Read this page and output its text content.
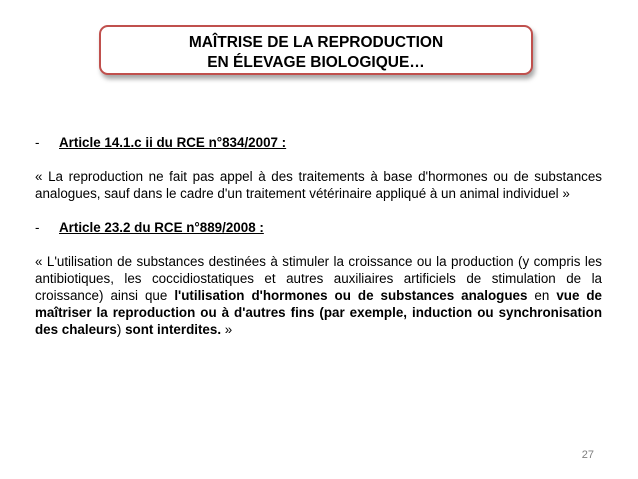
MAÎTRISE DE LA REPRODUCTION
EN ÉLEVAGE BIOLOGIQUE…
- Article 14.1.c ii du RCE n°834/2007 :

« La reproduction ne fait pas appel à des traitements à base d'hormones ou de substances analogues, sauf dans le cadre d'un traitement vétérinaire appliqué à un animal individuel »

- Article 23.2 du RCE n°889/2008 :

« L'utilisation de substances destinées à stimuler la croissance ou la production (y compris les antibiotiques, les coccidiostatiques et autres auxiliaires artificiels de stimulation de la croissance) ainsi que l'utilisation d'hormones ou de substances analogues en vue de maîtriser la reproduction ou à d'autres fins (par exemple, induction ou synchronisation des chaleurs) sont interdites. »

27
